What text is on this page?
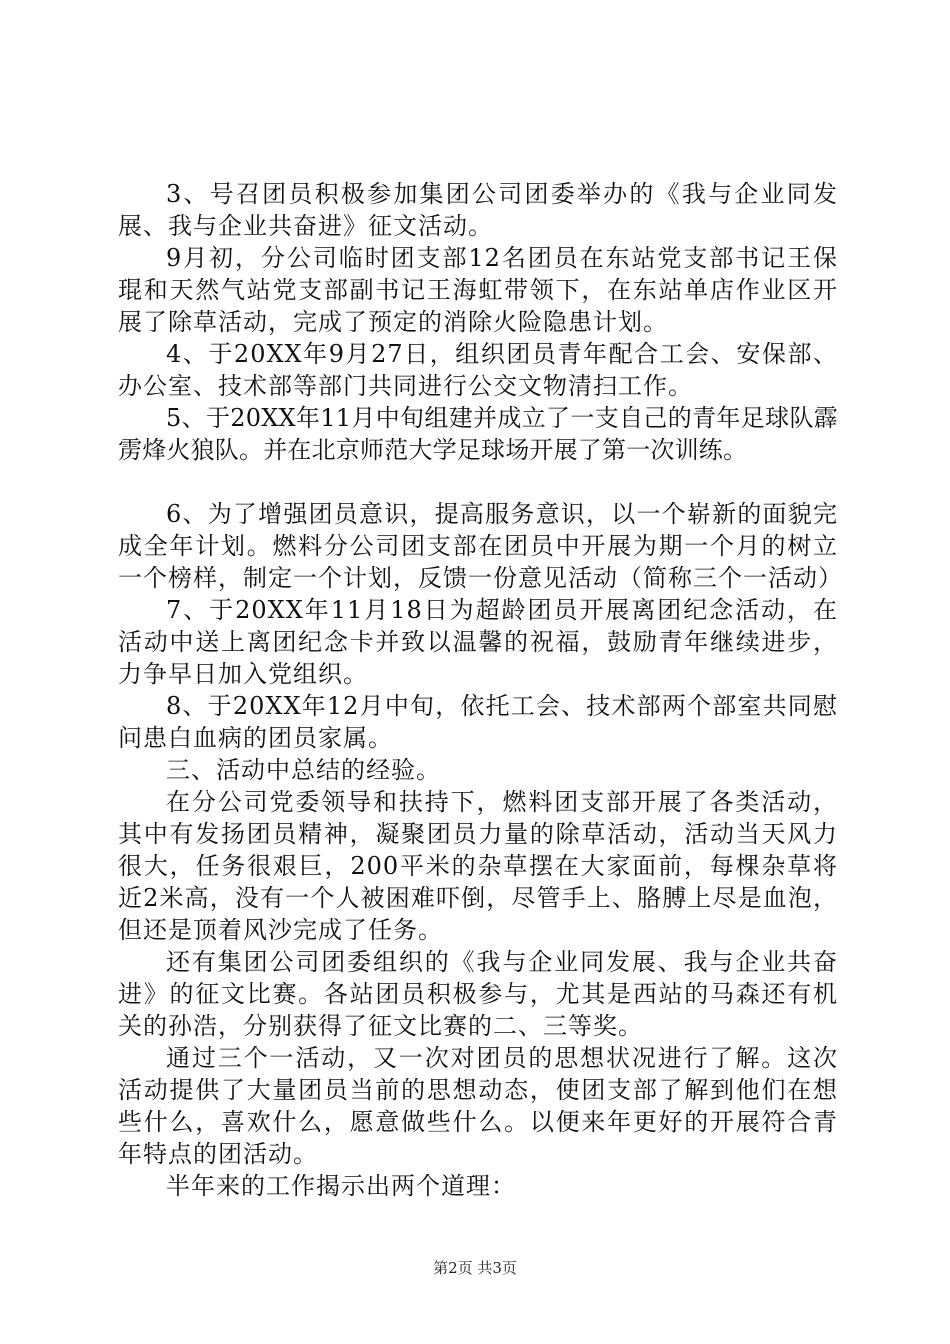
3、号召团员积极参加集团公司团委举办的《我与企业同发展、我与企业共奋进》征文活动。

9月初，分公司临时团支部12名团员在东站党支部书记王保琨和天然气站党支部副书记王海虹带领下，在东站单店作业区开展了除草活动，完成了预定的消除火险隐患计划。

4、于20XX年9月27日，组织团员青年配合工会、安保部、办公室、技术部等部门共同进行公交文物清扫工作。

5、于20XX年11月中旬组建并成立了一支自己的青年足球队霹雳烽火狼队。并在北京师范大学足球场开展了第一次训练。

6、为了增强团员意识，提高服务意识，以一个崭新的面貌完成全年计划。燃料分公司团支部在团员中开展为期一个月的树立一个榜样，制定一个计划，反馈一份意见活动（简称三个一活动）

7、于20XX年11月18日为超龄团员开展离团纪念活动，在活动中送上离团纪念卡并致以温馨的祝福，鼓励青年继续进步，力争早日加入党组织。

8、于20XX年12月中旬，依托工会、技术部两个部室共同慰问患白血病的团员家属。

三、活动中总结的经验。

在分公司党委领导和扶持下，燃料团支部开展了各类活动，其中有发扬团员精神，凝聚团员力量的除草活动，活动当天风力很大，任务很艰巨，200平米的杂草摆在大家面前，每棵杂草将近2米高，没有一个人被困难吓倒，尽管手上、胳膊上尽是血泡，但还是顶着风沙完成了任务。

还有集团公司团委组织的《我与企业同发展、我与企业共奋进》的征文比赛。各站团员积极参与，尤其是西站的马森还有机关的孙浩，分别获得了征文比赛的二、三等奖。

通过三个一活动，又一次对团员的思想状况进行了解。这次活动提供了大量团员当前的思想动态，使团支部了解到他们在想些什么，喜欢什么，愿意做些什么。以便来年更好的开展符合青年特点的团活动。

半年来的工作揭示出两个道理：

第2页 共3页
